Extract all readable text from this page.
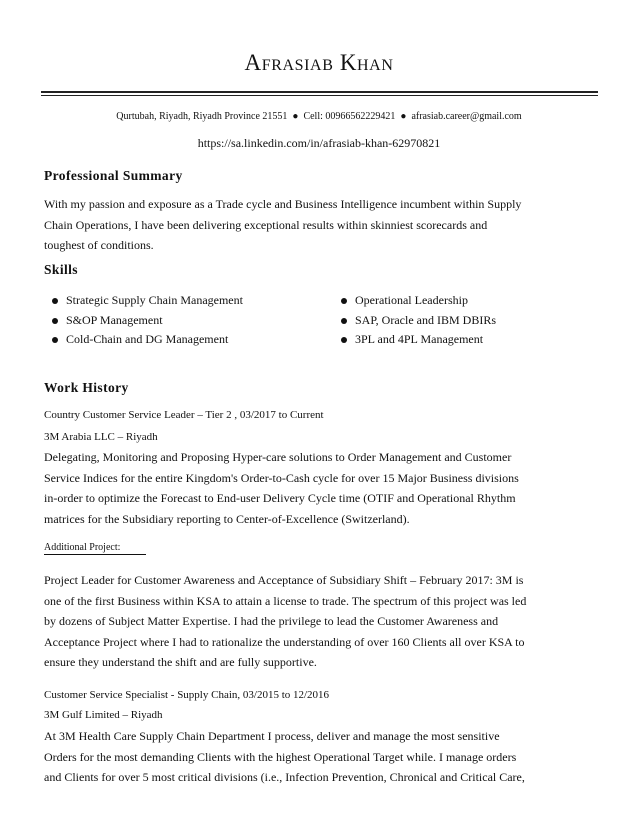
Afrasiab Khan
Qurtubah, Riyadh, Riyadh Province 21551 ● Cell: 00966562229421 ● afrasiab.career@gmail.com
https://sa.linkedin.com/in/afrasiab-khan-62970821
Professional Summary
With my passion and exposure as a Trade cycle and Business Intelligence incumbent within Supply
Chain Operations, I have been delivering exceptional results within skinniest scorecards and
toughest of conditions.
Skills
Strategic Supply Chain Management
S&OP Management
Cold-Chain and DG Management
Operational Leadership
SAP, Oracle and IBM DBIRs
3PL and 4PL Management
Work History
Country Customer Service Leader – Tier 2 , 03/2017 to Current
3M Arabia LLC – Riyadh
Delegating, Monitoring and Proposing Hyper-care solutions to Order Management and Customer
Service Indices for the entire Kingdom's Order-to-Cash cycle for over 15 Major Business divisions
in-order to optimize the Forecast to End-user Delivery Cycle time (OTIF and Operational Rhythm
matrices for the Subsidiary reporting to Center-of-Excellence (Switzerland).
Additional Project:
Project Leader for Customer Awareness and Acceptance of Subsidiary Shift – February 2017: 3M is
one of the first Business within KSA to attain a license to trade. The spectrum of this project was led
by dozens of Subject Matter Expertise. I had the privilege to lead the Customer Awareness and
Acceptance Project where I had to rationalize the understanding of over 160 Clients all over KSA to
ensure they understand the shift and are fully supportive.
Customer Service Specialist - Supply Chain, 03/2015 to 12/2016
3M Gulf Limited – Riyadh
At 3M Health Care Supply Chain Department I process, deliver and manage the most sensitive
Orders for the most demanding Clients with the highest Operational Target while. I manage orders
and Clients for over 5 most critical divisions (i.e., Infection Prevention, Chronical and Critical Care,
